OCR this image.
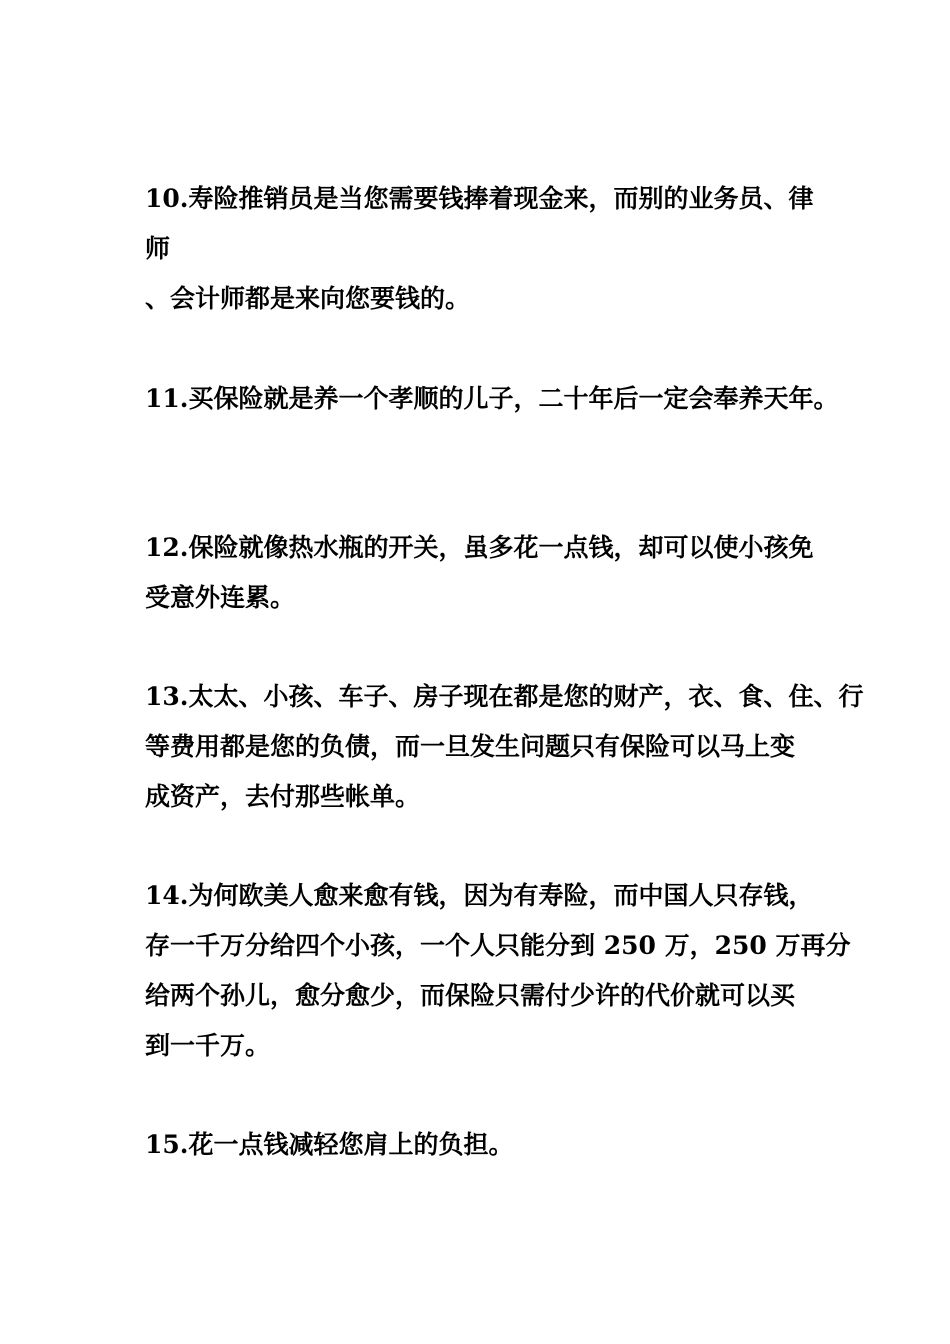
10.寿险推销员是当您需要钱捧着现金来，而别的业务员、律
师
、会计师都是来向您要钱的。
11.买保险就是养一个孝顺的儿子，二十年后一定会奉养天年。
12.保险就像热水瓶的开关，虽多花一点钱，却可以使小孩免
受意外连累。
13.太太、小孩、车子、房子现在都是您的财产，衣、食、住、行
等费用都是您的负债，而一旦发生问题只有保险可以马上变
成资产，去付那些帐单。
14.为何欧美人愈来愈有钱，因为有寿险，而中国人只存钱，
存一千万分给四个小孩，一个人只能分到 250 万，250 万再分
给两个孙儿，愈分愈少，而保险只需付少许的代价就可以买
到一千万。
15.花一点钱减轻您肩上的负担。
